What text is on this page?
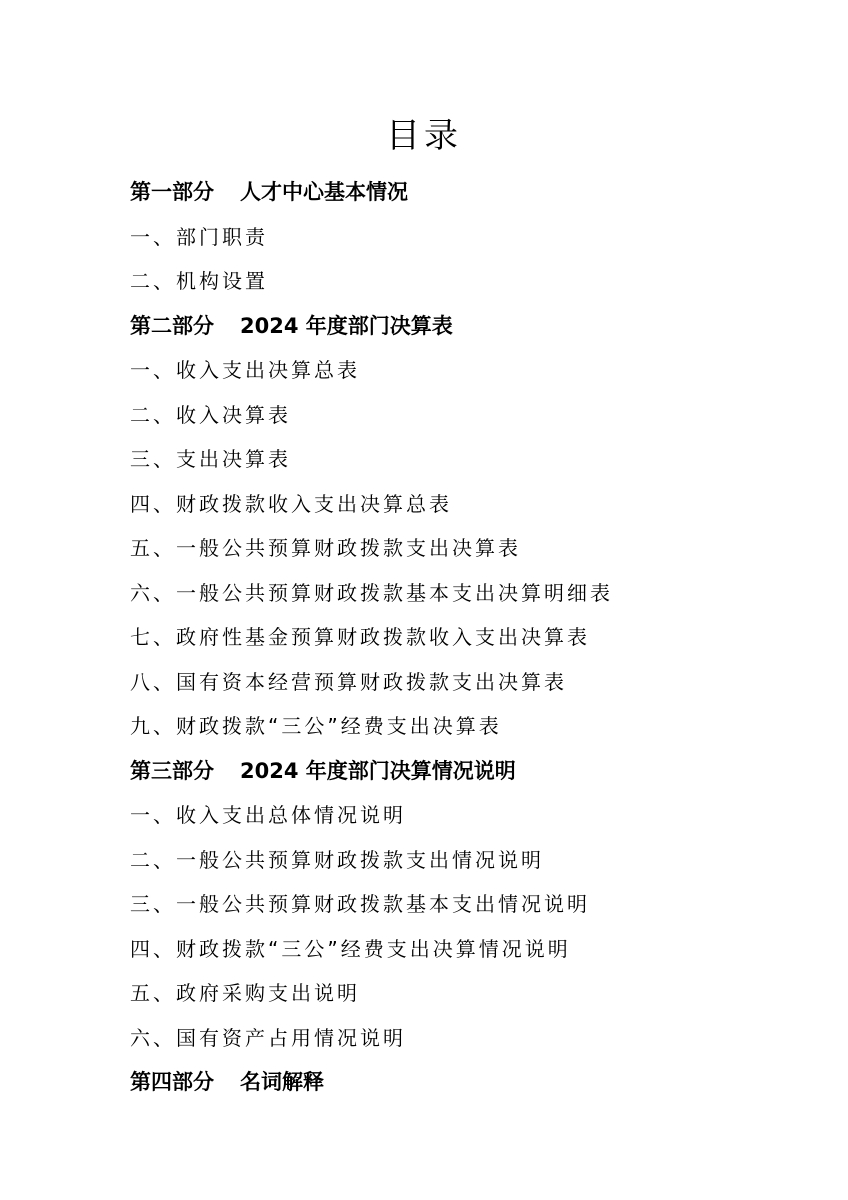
目录
第一部分 人才中心基本情况
一、部门职责
二、机构设置
第二部分 2024 年度部门决算表
一、收入支出决算总表
二、收入决算表
三、支出决算表
四、财政拨款收入支出决算总表
五、一般公共预算财政拨款支出决算表
六、一般公共预算财政拨款基本支出决算明细表
七、政府性基金预算财政拨款收入支出决算表
八、国有资本经营预算财政拨款支出决算表
九、财政拨款“三公”经费支出决算表
第三部分 2024 年度部门决算情况说明
一、收入支出总体情况说明
二、一般公共预算财政拨款支出情况说明
三、一般公共预算财政拨款基本支出情况说明
四、财政拨款“三公”经费支出决算情况说明
五、政府采购支出说明
六、国有资产占用情况说明
第四部分 名词解释
